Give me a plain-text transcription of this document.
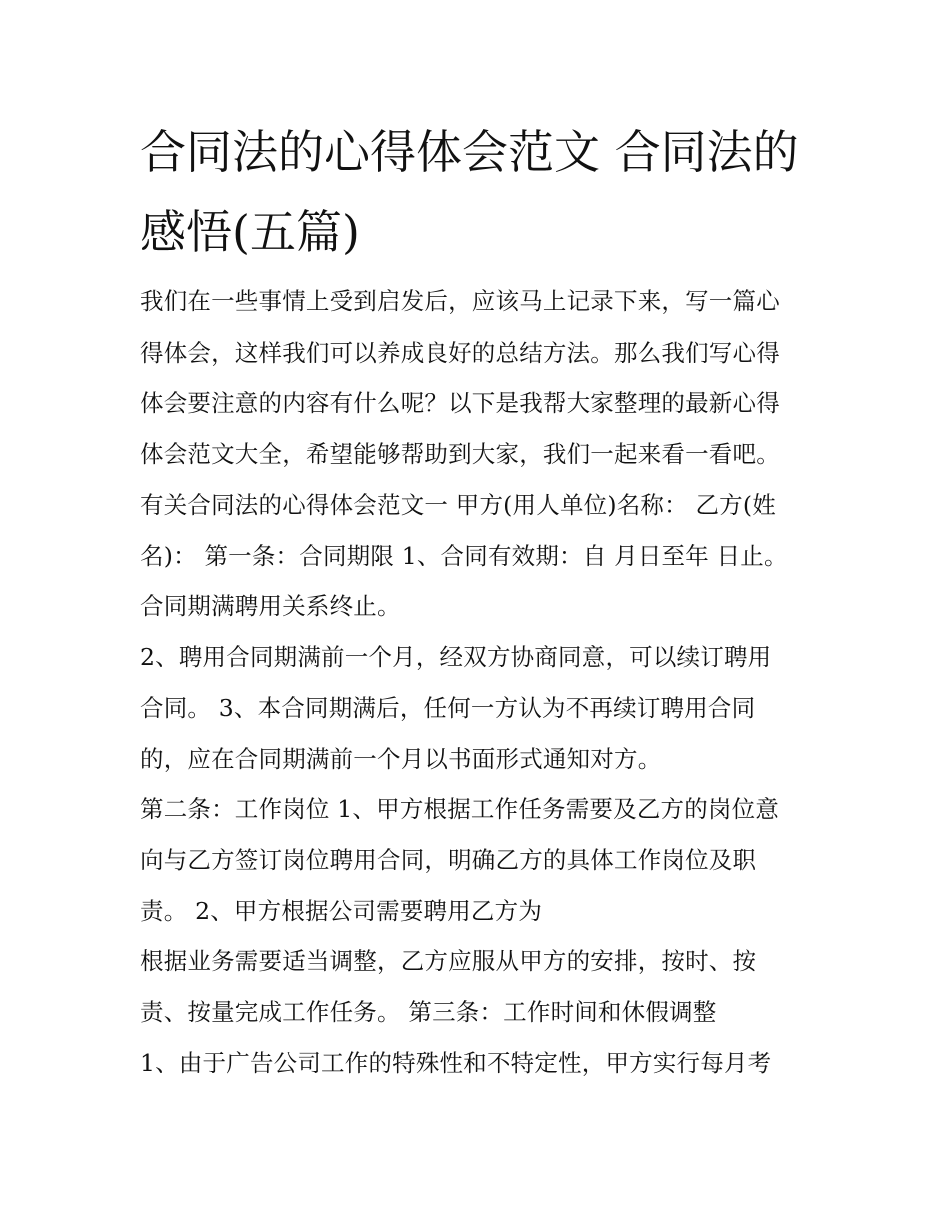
合同法的心得体会范文 合同法的感悟(五篇)

我们在一些事情上受到启发后，应该马上记录下来，写一篇心

得体会，这样我们可以养成良好的总结方法。那么我们写心得

体会要注意的内容有什么呢？以下是我帮大家整理的最新心得

体会范文大全，希望能够帮助到大家，我们一起来看一看吧。

有关合同法的心得体会范文一 甲方(用人单位)名称： 乙方(姓

名)： 第一条：合同期限 1、合同有效期：自 月日至年 日止。

合同期满聘用关系终止。

2、聘用合同期满前一个月，经双方协商同意，可以续订聘用

合同。 3、本合同期满后，任何一方认为不再续订聘用合同

的，应在合同期满前一个月以书面形式通知对方。

第二条：工作岗位 1、甲方根据工作任务需要及乙方的岗位意

向与乙方签订岗位聘用合同，明确乙方的具体工作岗位及职

责。 2、甲方根据公司需要聘用乙方为

根据业务需要适当调整，乙方应服从甲方的安排，按时、按

责、按量完成工作任务。 第三条：工作时间和休假调整

1、由于广告公司工作的特殊性和不特定性，甲方实行每月考
